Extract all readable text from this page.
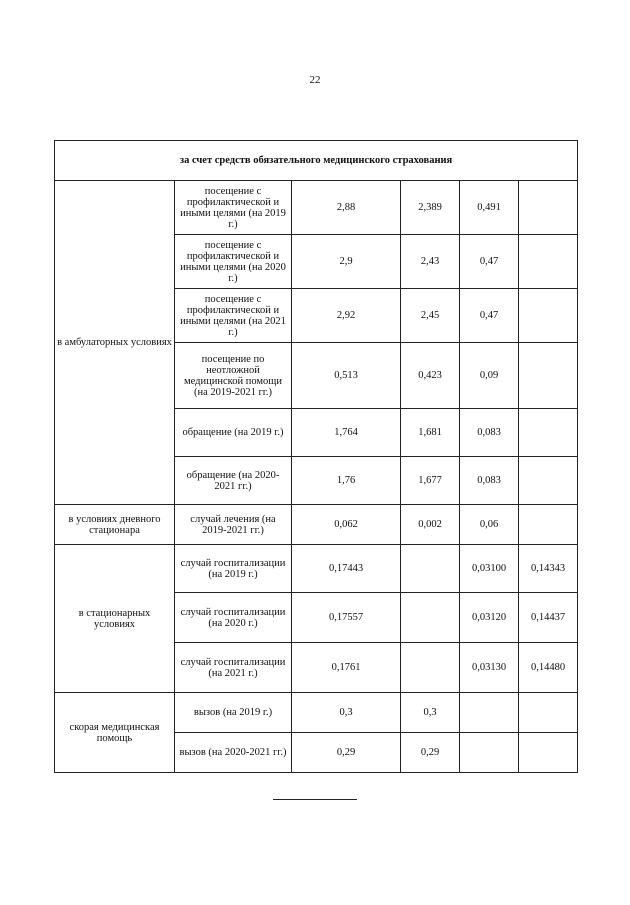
22
за счет средств обязательного медицинского страхования					
в амбулаторных условиях	посещение с профилактической и иными целями (на 2019 г.)	2,88	2,389	0,491	
	посещение с профилактической и иными целями (на 2020 г.)	2,9	2,43	0,47	
	посещение с профилактической и иными целями (на 2021 г.)	2,92	2,45	0,47	
	посещение по неотложной медицинской помощи (на 2019-2021 гг.)	0,513	0,423	0,09	
	обращение (на 2019 г.)	1,764	1,681	0,083	
	обращение (на 2020-2021 гг.)	1,76	1,677	0,083	
в условиях дневного стационара	случай лечения (на 2019-2021 гг.)	0,062	0,002	0,06	
в стационарных условиях	случай госпитализации (на 2019 г.)	0,17443		0,03100	0,14343
	случай госпитализации (на 2020 г.)	0,17557		0,03120	0,14437
	случай госпитализации (на 2021 г.)	0,1761		0,03130	0,14480
скорая медицинская помощь	вызов (на 2019 г.)	0,3	0,3		
	вызов (на 2020-2021 гг.)	0,29	0,29		
